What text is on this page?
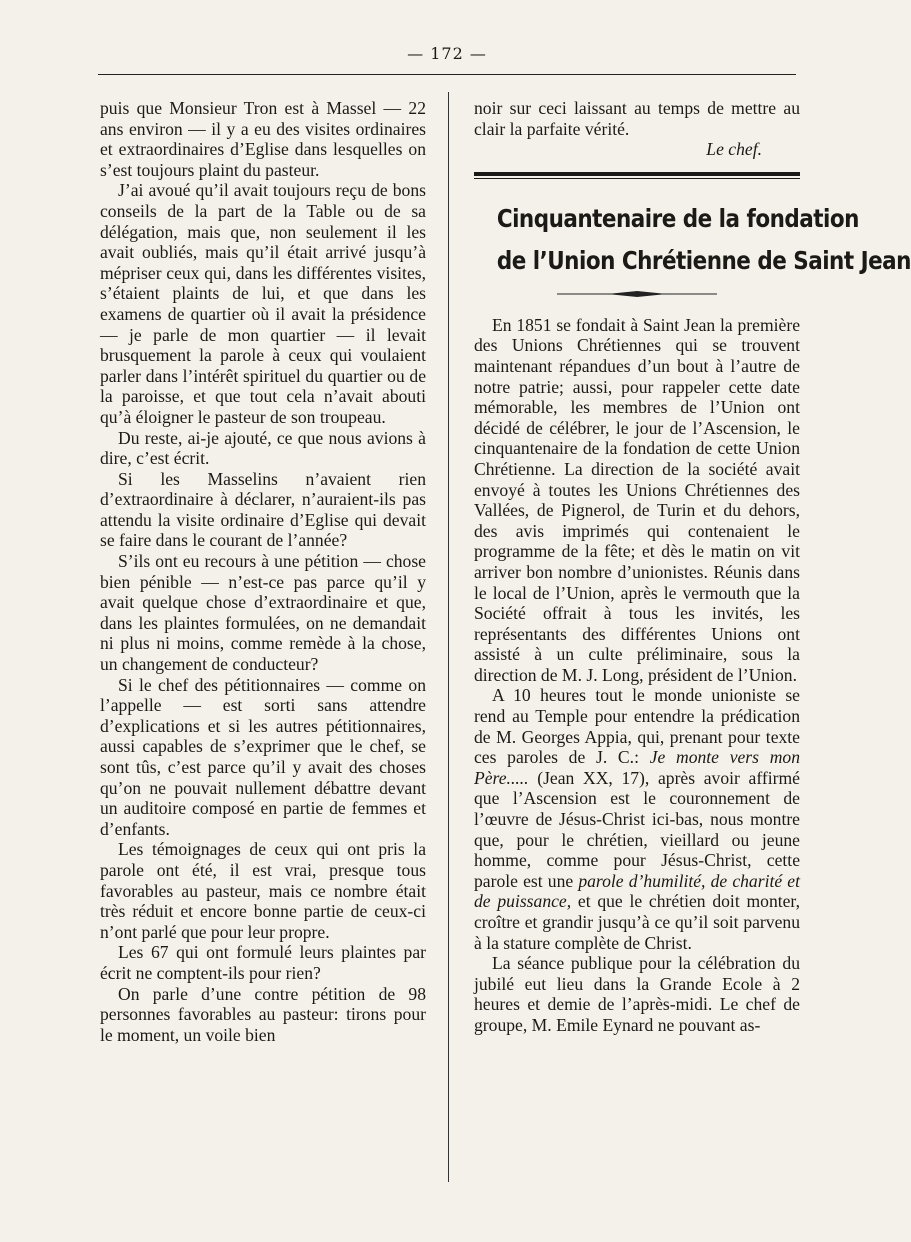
— 172 —

puis que Monsieur Tron est à Massel — 22 ans environ — il y a eu des visites ordinaires et extraordinaires d’Eglise dans lesquelles on s’est toujours plaint du pasteur.

J’ai avoué qu’il avait toujours reçu de bons conseils de la part de la Table ou de sa délégation, mais que, non seulement il les avait oubliés, mais qu’il était arrivé jusqu’à mépriser ceux qui, dans les différentes visites, s’étaient plaints de lui, et que dans les examens de quartier où il avait la présidence — je parle de mon quartier — il levait brusquement la parole à ceux qui voulaient parler dans l’intérêt spirituel du quartier ou de la paroisse, et que tout cela n’avait abouti qu’à éloigner le pasteur de son troupeau.

Du reste, ai-je ajouté, ce que nous avions à dire, c’est écrit.

Si les Masselins n’avaient rien d’extraordinaire à déclarer, n’auraient-ils pas attendu la visite ordinaire d’Eglise qui devait se faire dans le courant de l’année?

S’ils ont eu recours à une pétition — chose bien pénible — n’est-ce pas parce qu’il y avait quelque chose d’extraordinaire et que, dans les plaintes formulées, on ne demandait ni plus ni moins, comme remède à la chose, un changement de conducteur?

Si le chef des pétitionnaires — comme on l’appelle — est sorti sans attendre d’explications et si les autres pétitionnaires, aussi capables de s’exprimer que le chef, se sont tûs, c’est parce qu’il y avait des choses qu’on ne pouvait nullement débattre devant un auditoire composé en partie de femmes et d’enfants.

Les témoignages de ceux qui ont pris la parole ont été, il est vrai, presque tous favorables au pasteur, mais ce nombre était très réduit et encore bonne partie de ceux-ci n’ont parlé que pour leur propre.

Les 67 qui ont formulé leurs plaintes par écrit ne comptent-ils pour rien?

On parle d’une contre pétition de 98 personnes favorables au pasteur: tirons pour le moment, un voile bien

noir sur ceci laissant au temps de mettre au clair la parfaite vérité.

Le chef.
Cinquantenaire de la fondation
de l’Union Chrétienne de Saint Jean

En 1851 se fondait à Saint Jean la première des Unions Chrétiennes qui se trouvent maintenant répandues d’un bout à l’autre de notre patrie; aussi, pour rappeler cette date mémorable, les membres de l’Union ont décidé de célébrer, le jour de l’Ascension, le cinquantenaire de la fondation de cette Union Chrétienne. La direction de la société avait envoyé à toutes les Unions Chrétiennes des Vallées, de Pignerol, de Turin et du dehors, des avis imprimés qui contenaient le programme de la fête; et dès le matin on vit arriver bon nombre d’unionistes. Réunis dans le local de l’Union, après le vermouth que la Société offrait à tous les invités, les représentants des différentes Unions ont assisté à un culte préliminaire, sous la direction de M. J. Long, président de l’Union.

A 10 heures tout le monde unioniste se rend au Temple pour entendre la prédication de M. Georges Appia, qui, prenant pour texte ces paroles de J. C.: Je monte vers mon Père..... (Jean XX, 17), après avoir affirmé que l’Ascension est le couronnement de l’œuvre de Jésus-Christ ici-bas, nous montre que, pour le chrétien, vieillard ou jeune homme, comme pour Jésus-Christ, cette parole est une parole d’humilité, de charité et de puissance, et que le chrétien doit monter, croître et grandir jusqu’à ce qu’il soit parvenu à la stature complète de Christ.

La séance publique pour la célébration du jubilé eut lieu dans la Grande Ecole à 2 heures et demie de l’après-midi. Le chef de groupe, M. Emile Eynard ne pouvant as-
